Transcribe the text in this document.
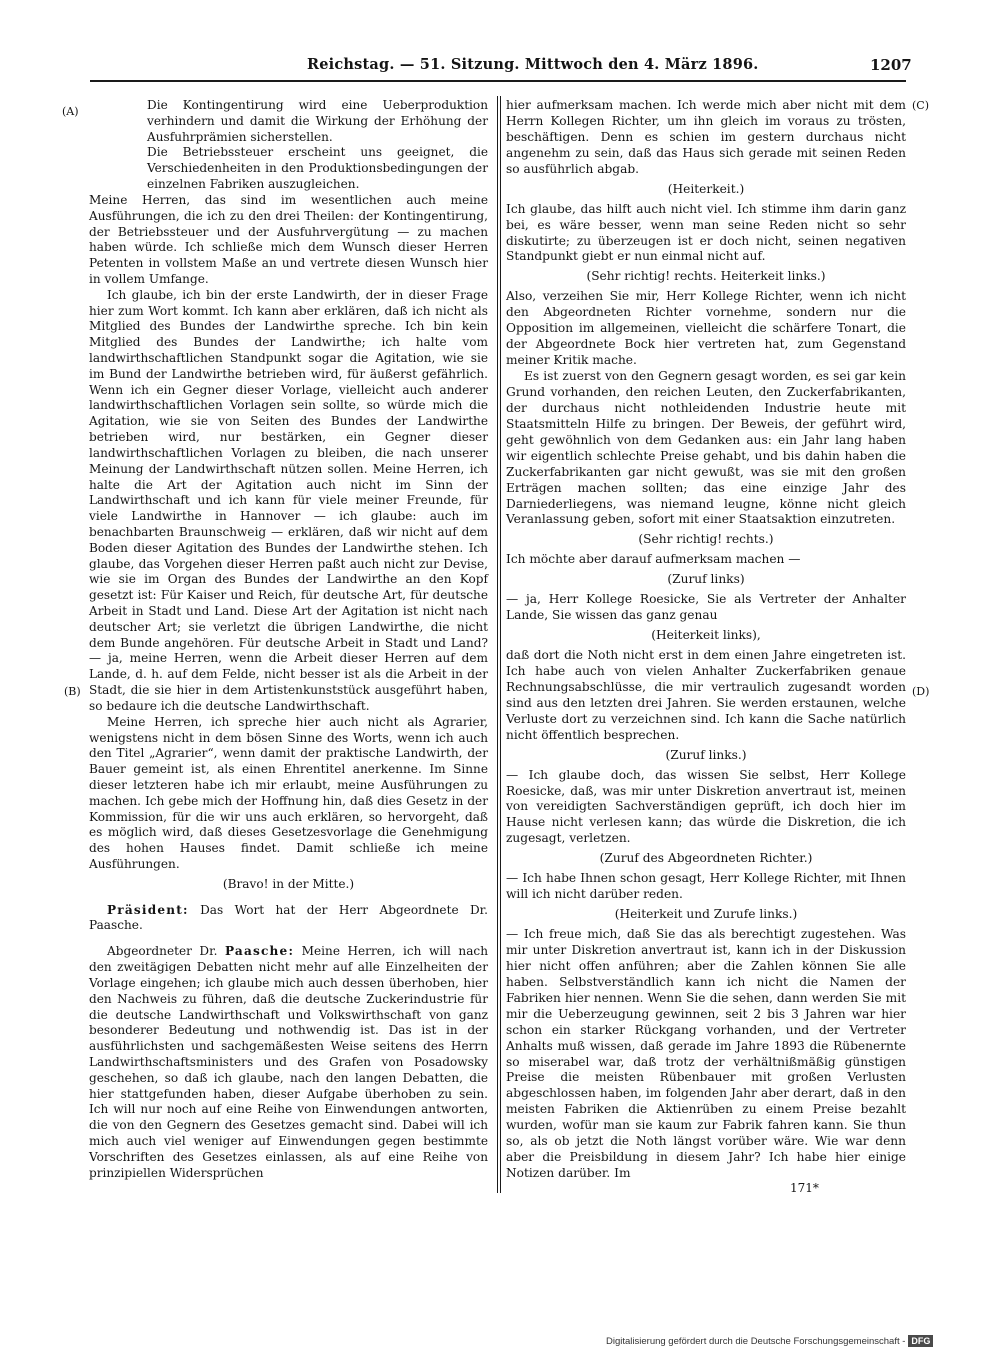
Reichstag. — 51. Sitzung. Mittwoch den 4. März 1896.	1207
(A)
(B)
(C)
(D)

Die Kontingentirung wird eine Ueberproduktion verhindern und damit die Wirkung der Erhöhung der Ausfuhrprämien sicherstellen.

Die Betriebssteuer erscheint uns geeignet, die Verschiedenheiten in den Produktionsbedingungen der einzelnen Fabriken auszugleichen.

Meine Herren, das sind im wesentlichen auch meine Ausführungen, die ich zu den drei Theilen: der Kontingentirung, der Betriebssteuer und der Ausfuhrvergütung — zu machen haben würde. Ich schließe mich dem Wunsch dieser Herren Petenten in vollstem Maße an und vertrete diesen Wunsch hier in vollem Umfange.

Ich glaube, ich bin der erste Landwirth, der in dieser Frage hier zum Wort kommt. Ich kann aber erklären, daß ich nicht als Mitglied des Bundes der Landwirthe spreche. Ich bin kein Mitglied des Bundes der Landwirthe; ich halte vom landwirthschaftlichen Standpunkt sogar die Agitation, wie sie im Bund der Landwirthe betrieben wird, für äußerst gefährlich. Wenn ich ein Gegner dieser Vorlage, vielleicht auch anderer landwirthschaftlichen Vorlagen sein sollte, so würde mich die Agitation, wie sie von Seiten des Bundes der Landwirthe betrieben wird, nur bestärken, ein Gegner dieser landwirthschaftlichen Vorlagen zu bleiben, die nach unserer Meinung der Landwirthschaft nützen sollen. Meine Herren, ich halte die Art der Agitation auch nicht im Sinn der Landwirthschaft und ich kann für viele meiner Freunde, für viele Landwirthe in Hannover — ich glaube: auch im benachbarten Braunschweig — erklären, daß wir nicht auf dem Boden dieser Agitation des Bundes der Landwirthe stehen. Ich glaube, das Vorgehen dieser Herren paßt auch nicht zur Devise, wie sie im Organ des Bundes der Landwirthe an den Kopf gesetzt ist: Für Kaiser und Reich, für deutsche Art, für deutsche Arbeit in Stadt und Land. Diese Art der Agitation ist nicht nach deutscher Art; sie verletzt die übrigen Landwirthe, die nicht dem Bunde angehören. Für deutsche Arbeit in Stadt und Land? — ja, meine Herren, wenn die Arbeit dieser Herren auf dem Lande, d. h. auf dem Felde, nicht besser ist als die Arbeit in der Stadt, die sie hier in dem Artistenkunststück ausgeführt haben, so bedaure ich die deutsche Landwirthschaft.

Meine Herren, ich spreche hier auch nicht als Agrarier, wenigstens nicht in dem bösen Sinne des Worts, wenn ich auch den Titel „Agrarier“, wenn damit der praktische Landwirth, der Bauer gemeint ist, als einen Ehrentitel anerkenne. Im Sinne dieser letzteren habe ich mir erlaubt, meine Ausführungen zu machen. Ich gebe mich der Hoffnung hin, daß dies Gesetz in der Kommission, für die wir uns auch erklären, so hervorgeht, daß es möglich wird, daß dieses Gesetzesvorlage die Genehmigung des hohen Hauses findet. Damit schließe ich meine Ausführungen.

(Bravo! in der Mitte.)

Präsident: Das Wort hat der Herr Abgeordnete Dr. Paasche.

Abgeordneter Dr. Paasche: Meine Herren, ich will nach den zweitägigen Debatten nicht mehr auf alle Einzelheiten der Vorlage eingehen; ich glaube mich auch dessen überhoben, hier den Nachweis zu führen, daß die deutsche Zuckerindustrie für die deutsche Landwirthschaft und Volkswirthschaft von ganz besonderer Bedeutung und nothwendig ist. Das ist in der ausführlichsten und sachgemäßesten Weise seitens des Herrn Landwirthschaftsministers und des Grafen von Posadowsky geschehen, so daß ich glaube, nach den langen Debatten, die hier stattgefunden haben, dieser Aufgabe überhoben zu sein. Ich will nur noch auf eine Reihe von Einwendungen antworten, die von den Gegnern des Gesetzes gemacht sind. Dabei will ich mich auch viel weniger auf Einwendungen gegen bestimmte Vorschriften des Gesetzes einlassen, als auf eine Reihe von prinzipiellen Widersprüchen

hier aufmerksam machen. Ich werde mich aber nicht mit dem Herrn Kollegen Richter, um ihn gleich im voraus zu trösten, beschäftigen. Denn es schien im gestern durchaus nicht angenehm zu sein, daß das Haus sich gerade mit seinen Reden so ausführlich abgab.

(Heiterkeit.)

Ich glaube, das hilft auch nicht viel. Ich stimme ihm darin ganz bei, es wäre besser, wenn man seine Reden nicht so sehr diskutirte; zu überzeugen ist er doch nicht, seinen negativen Standpunkt giebt er nun einmal nicht auf.

(Sehr richtig! rechts. Heiterkeit links.)

Also, verzeihen Sie mir, Herr Kollege Richter, wenn ich nicht den Abgeordneten Richter vornehme, sondern nur die Opposition im allgemeinen, vielleicht die schärfere Tonart, die der Abgeordnete Bock hier vertreten hat, zum Gegenstand meiner Kritik mache.

Es ist zuerst von den Gegnern gesagt worden, es sei gar kein Grund vorhanden, den reichen Leuten, den Zuckerfabrikanten, der durchaus nicht nothleidenden Industrie heute mit Staatsmitteln Hilfe zu bringen. Der Beweis, der geführt wird, geht gewöhnlich von dem Gedanken aus: ein Jahr lang haben wir eigentlich schlechte Preise gehabt, und bis dahin haben die Zuckerfabrikanten gar nicht gewußt, was sie mit den großen Erträgen machen sollten; das eine einzige Jahr des Darniederliegens, was niemand leugne, könne nicht gleich Veranlassung geben, sofort mit einer Staatsaktion einzutreten.

(Sehr richtig! rechts.)

Ich möchte aber darauf aufmerksam machen —

(Zuruf links)

— ja, Herr Kollege Roesicke, Sie als Vertreter der Anhalter Lande, Sie wissen das ganz genau

(Heiterkeit links),

daß dort die Noth nicht erst in dem einen Jahre eingetreten ist. Ich habe auch von vielen Anhalter Zuckerfabriken genaue Rechnungsabschlüsse, die mir vertraulich zugesandt worden sind aus den letzten drei Jahren. Sie werden erstaunen, welche Verluste dort zu verzeichnen sind. Ich kann die Sache natürlich nicht öffentlich besprechen.

(Zuruf links.)

— Ich glaube doch, das wissen Sie selbst, Herr Kollege Roesicke, daß, was mir unter Diskretion anvertraut ist, meinen von vereidigten Sachverständigen geprüft, ich doch hier im Hause nicht verlesen kann; das würde die Diskretion, die ich zugesagt, verletzen.

(Zuruf des Abgeordneten Richter.)

— Ich habe Ihnen schon gesagt, Herr Kollege Richter, mit Ihnen will ich nicht darüber reden.

(Heiterkeit und Zurufe links.)

— Ich freue mich, daß Sie das als berechtigt zugestehen. Was mir unter Diskretion anvertraut ist, kann ich in der Diskussion hier nicht offen anführen; aber die Zahlen können Sie alle haben. Selbstverständlich kann ich nicht die Namen der Fabriken hier nennen. Wenn Sie die sehen, dann werden Sie mit mir die Ueberzeugung gewinnen, seit 2 bis 3 Jahren war hier schon ein starker Rückgang vorhanden, und der Vertreter Anhalts muß wissen, daß gerade im Jahre 1893 die Rübenernte so miserabel war, daß trotz der verhältnißmäßig günstigen Preise die meisten Rübenbauer mit großen Verlusten abgeschlossen haben, im folgenden Jahr aber derart, daß in den meisten Fabriken die Aktienrüben zu einem Preise bezahlt wurden, wofür man sie kaum zur Fabrik fahren kann. Sie thun so, als ob jetzt die Noth längst vorüber wäre. Wie war denn aber die Preisbildung in diesem Jahr? Ich habe hier einige Notizen darüber. Im

171*
Digitalisierung gefördert durch die Deutsche Forschungsgemeinschaft - DFG
